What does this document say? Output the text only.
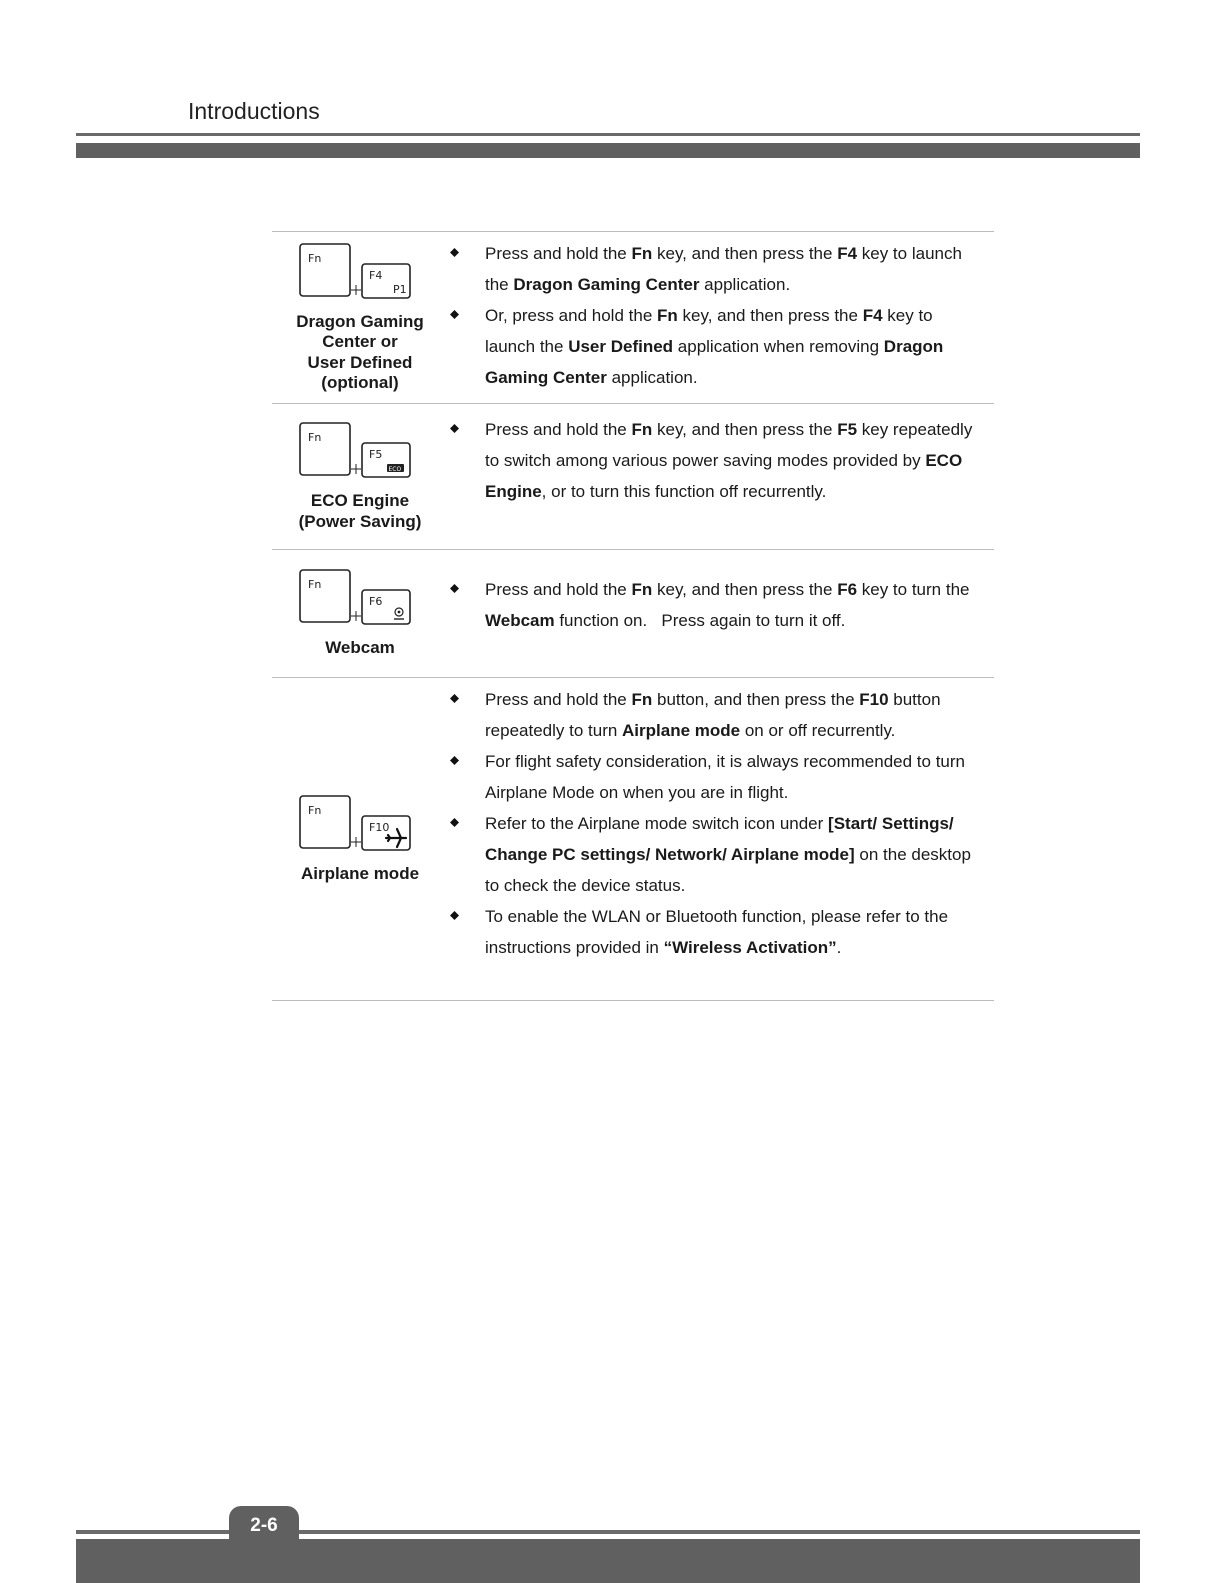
Introductions
Fn
F4
P1
Dragon Gaming
Center or
User Defined
(optional)
Press and hold the Fn key, and then press the F4 key to launch the Dragon Gaming Center application.
Or, press and hold the Fn key, and then press the F4 key to launch the User Defined application when removing Dragon Gaming Center application.
Fn
F5
ECO
ECO Engine
(Power Saving)
Press and hold the Fn key, and then press the F5 key repeatedly to switch among various power saving modes provided by ECO Engine, or to turn this function off recurrently.
Fn
F6
Webcam
Press and hold the Fn key, and then press the F6 key to turn the Webcam function on.   Press again to turn it off.
Fn
F10
Airplane mode
Press and hold the Fn button, and then press the F10 button repeatedly to turn Airplane mode on or off recurrently.
For flight safety consideration, it is always recommended to turn Airplane Mode on when you are in flight.
Refer to the Airplane mode switch icon under [Start/ Settings/ Change PC settings/ Network/ Airplane mode] on the desktop to check the device status.
To enable the WLAN or Bluetooth function, please refer to the instructions provided in “Wireless Activation”.
2-6
